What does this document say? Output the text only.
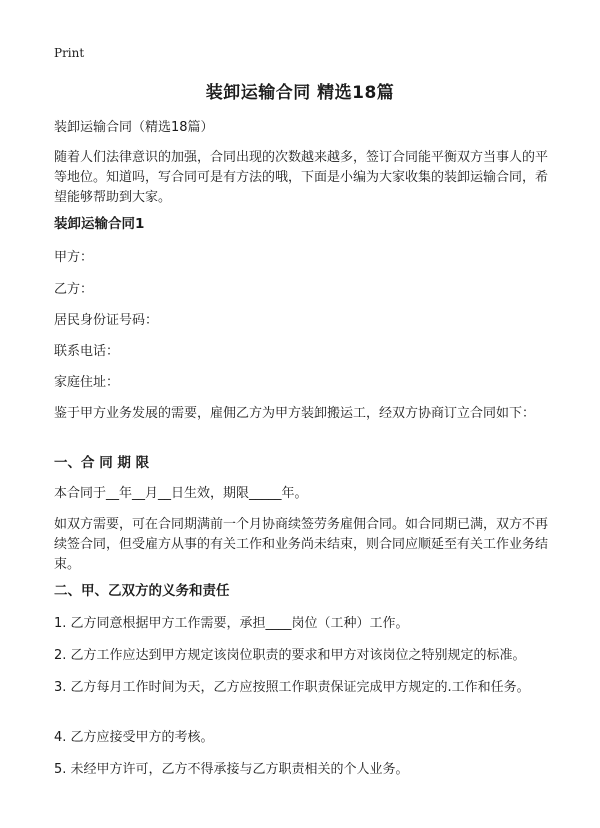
Print
装卸运输合同 精选18篇
装卸运输合同（精选18篇）
随着人们法律意识的加强，合同出现的次数越来越多，签订合同能平衡双方当事人的平等地位。知道吗，写合同可是有方法的哦，下面是小编为大家收集的装卸运输合同，希望能够帮助到大家。
装卸运输合同1
甲方：
乙方：
居民身份证号码：
联系电话：
家庭住址：
鉴于甲方业务发展的需要，雇佣乙方为甲方装卸搬运工，经双方协商订立合同如下：
一、合 同 期 限
本合同于__年__月__日生效，期限_____年。
如双方需要，可在合同期满前一个月协商续签劳务雇佣合同。如合同期已满，双方不再续签合同，但受雇方从事的有关工作和业务尚未结束，则合同应顺延至有关工作业务结束。
二、甲、乙双方的义务和责任
1. 乙方同意根据甲方工作需要，承担____岗位（工种）工作。
2. 乙方工作应达到甲方规定该岗位职责的要求和甲方对该岗位之特别规定的标准。
3. 乙方每月工作时间为天，乙方应按照工作职责保证完成甲方规定的.工作和任务。
4. 乙方应接受甲方的考核。
5. 未经甲方许可，乙方不得承接与乙方职责相关的个人业务。
